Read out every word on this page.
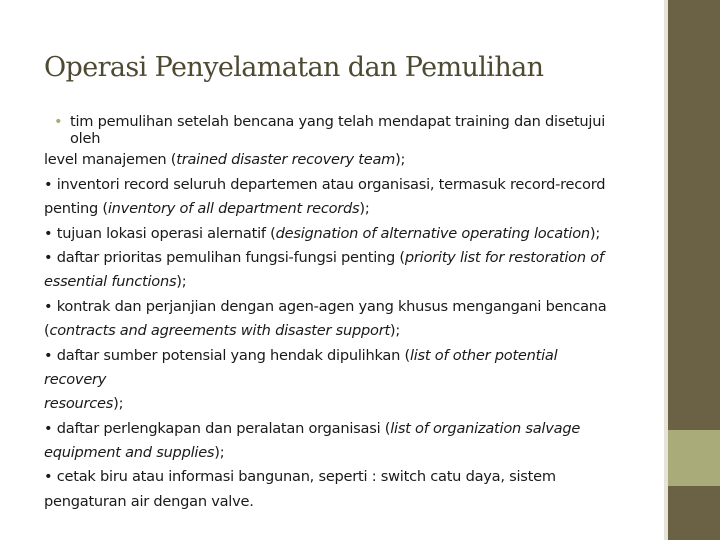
Operasi Penyelamatan dan Pemulihan
• tim pemulihan setelah bencana yang telah mendapat training dan disetujui
oleh
level manajemen (trained disaster recovery team);
• inventori record seluruh departemen atau organisasi, termasuk record-record
penting (inventory of all department records);
• tujuan lokasi operasi alernatif (designation of alternative operating location);
• daftar prioritas pemulihan fungsi-fungsi penting (priority list for restoration of
essential functions);
• kontrak dan perjanjian dengan agen-agen yang khusus mengangani bencana
(contracts and agreements with disaster support);
• daftar sumber potensial yang hendak dipulihkan (list of other potential
recovery
resources);
• daftar perlengkapan dan peralatan organisasi (list of organization salvage
equipment and supplies);
• cetak biru atau informasi bangunan, seperti : switch catu daya, sistem
pengaturan air dengan valve.
